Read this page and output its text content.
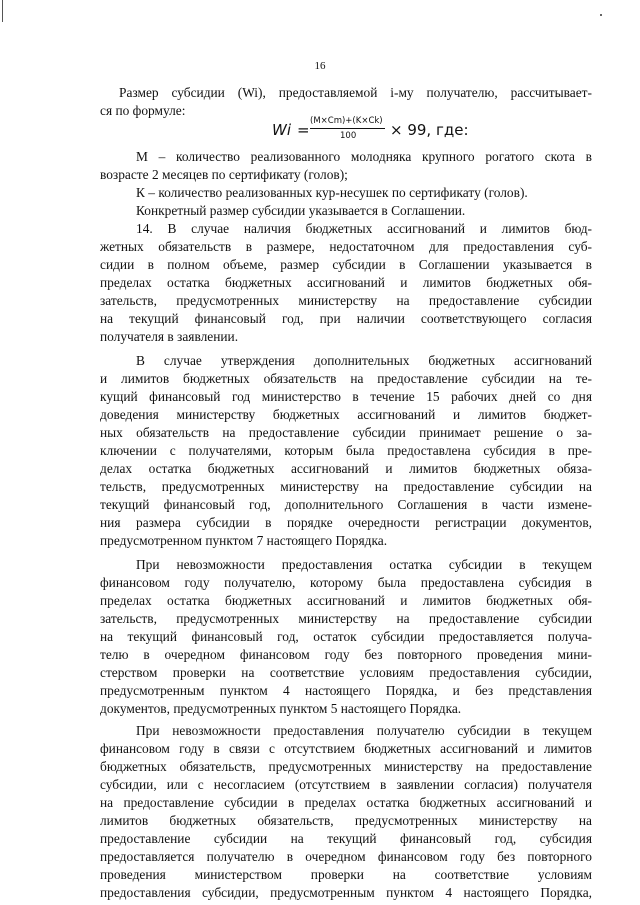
16
Размер субсидии (Wi), предоставляемой i-му получателю, рассчитывает-
ся по формуле:
Wi = (M×Cm)+(K×Ck)
100 × 99, где:
М – количество реализованного молодняка крупного рогатого скота в
возрасте 2 месяцев по сертификату (голов);
К – количество реализованных кур-несушек по сертификату (голов).
Конкретный размер субсидии указывается в Соглашении.
14. В случае наличия бюджетных ассигнований и лимитов бюд-
жетных обязательств в размере, недостаточном для предоставления суб-
сидии в полном объеме, размер субсидии в Соглашении указывается в
пределах остатка бюджетных ассигнований и лимитов бюджетных обя-
зательств, предусмотренных министерству на предоставление субсидии
на текущий финансовый год, при наличии соответствующего согласия
получателя в заявлении.
В случае утверждения дополнительных бюджетных ассигнований
и лимитов бюджетных обязательств на предоставление субсидии на те-
кущий финансовый год министерство в течение 15 рабочих дней со дня
доведения министерству бюджетных ассигнований и лимитов бюджет-
ных обязательств на предоставление субсидии принимает решение о за-
ключении с получателями, которым была предоставлена субсидия в пре-
делах остатка бюджетных ассигнований и лимитов бюджетных обяза-
тельств, предусмотренных министерству на предоставление субсидии на
текущий финансовый год, дополнительного Соглашения в части измене-
ния размера субсидии в порядке очередности регистрации документов,
предусмотренном пунктом 7 настоящего Порядка.
При невозможности предоставления остатка субсидии в текущем
финансовом году получателю, которому была предоставлена субсидия в
пределах остатка бюджетных ассигнований и лимитов бюджетных обя-
зательств, предусмотренных министерству на предоставление субсидии
на текущий финансовый год, остаток субсидии предоставляется получа-
телю в очередном финансовом году без повторного проведения мини-
стерством проверки на соответствие условиям предоставления субсидии,
предусмотренным пунктом 4 настоящего Порядка, и без представления
документов, предусмотренных пунктом 5 настоящего Порядка.
При невозможности предоставления получателю субсидии в текущем
финансовом году в связи с отсутствием бюджетных ассигнований и лимитов
бюджетных обязательств, предусмотренных министерству на предоставление
субсидии, или с несогласием (отсутствием в заявлении согласия) получателя
на предоставление субсидии в пределах остатка бюджетных ассигнований и
лимитов бюджетных обязательств, предусмотренных министерству на
предоставление субсидии на текущий финансовый год, субсидия
предоставляется получателю в очередном финансовом году без повторного
проведения министерством проверки на соответствие условиям
предоставления субсидии, предусмотренным пунктом 4 настоящего Порядка,
